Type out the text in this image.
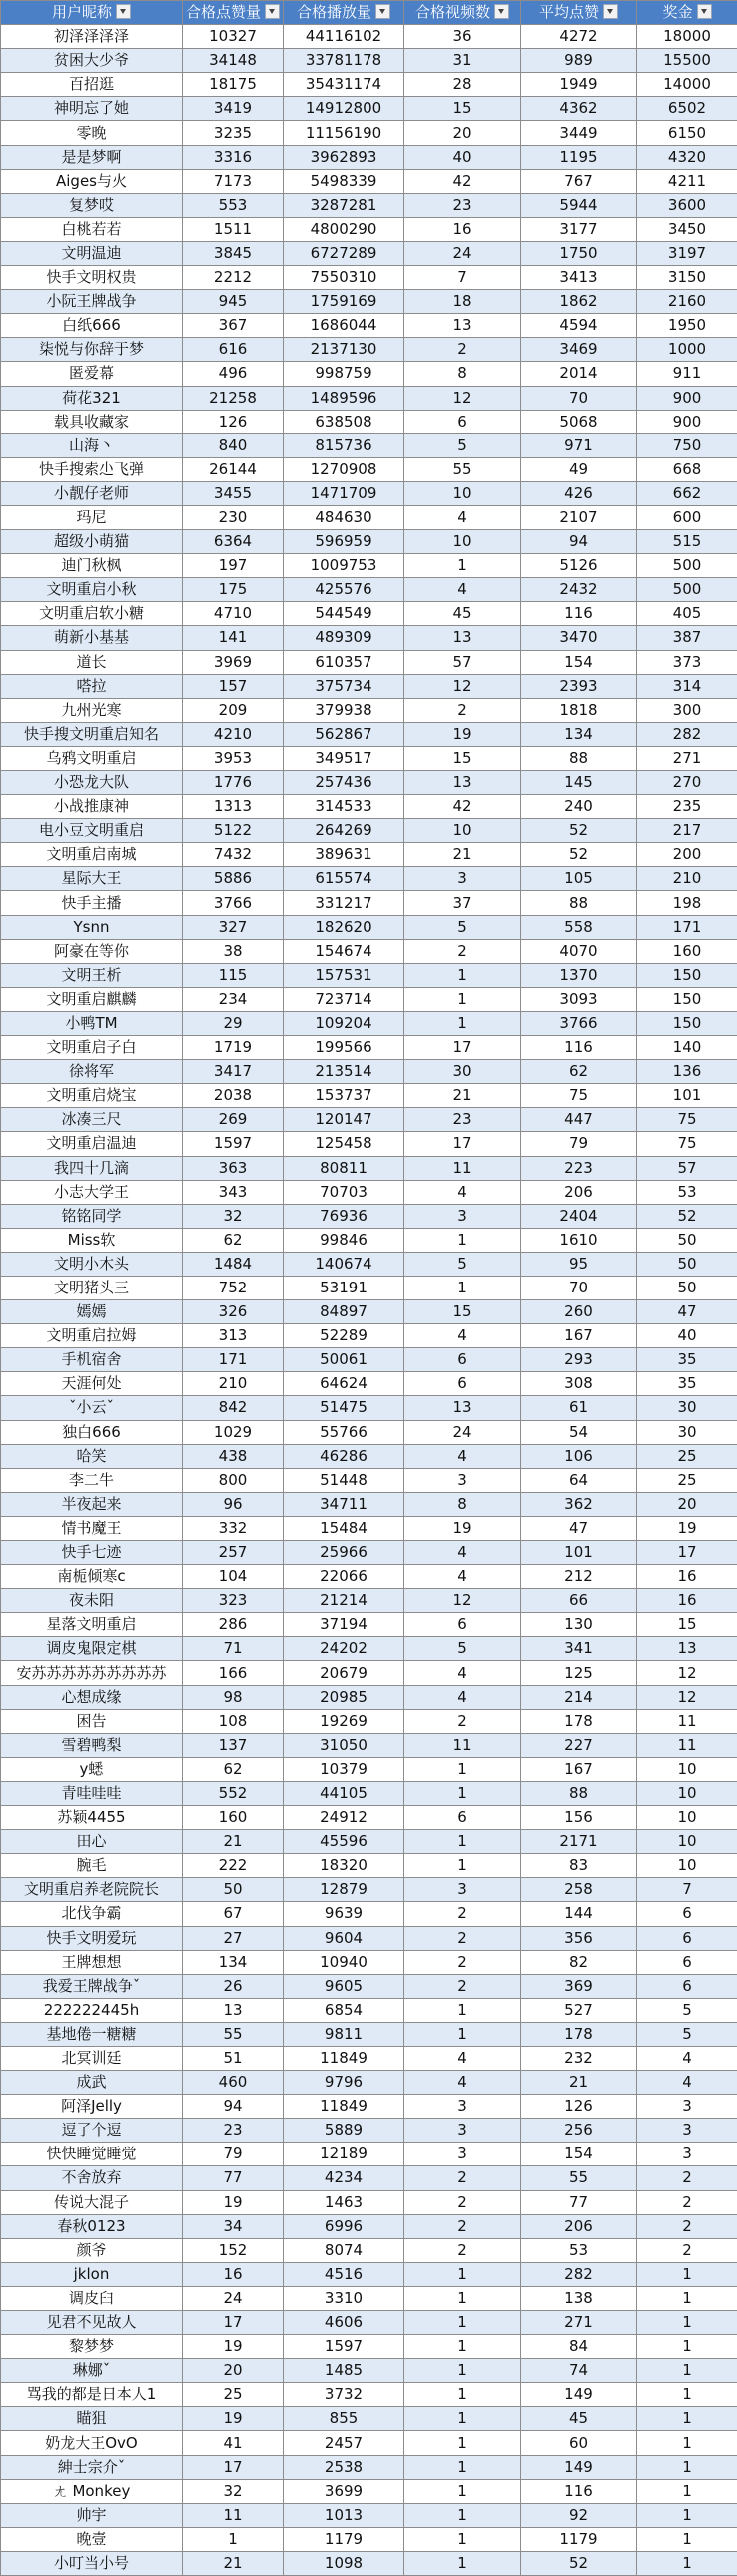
用户昵称	合格点赞量	合格播放量	合格视频数	平均点赞	奖金
初泽泽泽泽	10327	44116102	36	4272	18000
贫困大少爷	34148	33781178	31	989	15500
百招逛	18175	35431174	28	1949	14000
神明忘了她	3419	14912800	15	4362	6502
零晚	3235	11156190	20	3449	6150
是是梦啊	3316	3962893	40	1195	4320
Aiges与火	7173	5498339	42	767	4211
复梦哎	553	3287281	23	5944	3600
白桃若若	1511	4800290	16	3177	3450
文明温迪	3845	6727289	24	1750	3197
快手文明权贵	2212	7550310	7	3413	3150
小阮王牌战争	945	1759169	18	1862	2160
白纸666	367	1686044	13	4594	1950
柒悦与你辞于梦	616	2137130	2	3469	1000
匿爱幕	496	998759	8	2014	911
荷花321	21258	1489596	12	70	900
载具收藏家	126	638508	6	5068	900
山海丶	840	815736	5	971	750
快手搜索尐飞弹	26144	1270908	55	49	668
小靓仔老师	3455	1471709	10	426	662
玛尼	230	484630	4	2107	600
超级小萌猫	6364	596959	10	94	515
迪门秋枫	197	1009753	1	5126	500
文明重启小秋	175	425576	4	2432	500
文明重启软小糖	4710	544549	45	116	405
萌新小基基	141	489309	13	3470	387
道长	3969	610357	57	154	373
嗒拉	157	375734	12	2393	314
九州光寒	209	379938	2	1818	300
快手搜文明重启知名	4210	562867	19	134	282
乌鸦文明重启	3953	349517	15	88	271
小恐龙大队	1776	257436	13	145	270
小战推康神	1313	314533	42	240	235
电小豆文明重启	5122	264269	10	52	217
文明重启南城	7432	389631	21	52	200
星际大王	5886	615574	3	105	210
快手主播	3766	331217	37	88	198
Ysnn	327	182620	5	558	171
阿豪在等你	38	154674	2	4070	160
文明王析	115	157531	1	1370	150
文明重启麒麟	234	723714	1	3093	150
小鸭TM	29	109204	1	3766	150
文明重启子白	1719	199566	17	116	140
徐将军	3417	213514	30	62	136
文明重启烧宝	2038	153737	21	75	101
冰凑三尺	269	120147	23	447	75
文明重启温迪	1597	125458	17	79	75
我四十几滴	363	80811	11	223	57
小志大学王	343	70703	4	206	53
铭铭同学	32	76936	3	2404	52
Miss软	62	99846	1	1610	50
文明小木头	1484	140674	5	95	50
文明猪头三	752	53191	1	70	50
嫣嫣	326	84897	15	260	47
文明重启拉姆	313	52289	4	167	40
手机宿舍	171	50061	6	293	35
天涯何处	210	64624	6	308	35
ˇ小云ˇ	842	51475	13	61	30
独白666	1029	55766	24	54	30
哈笑	438	46286	4	106	25
李二牛	800	51448	3	64	25
半夜起来	96	34711	8	362	20
情书魔王	332	15484	19	47	19
快手七迹	257	25966	4	101	17
南栀倾寒c	104	22066	4	212	16
夜未阳	323	21214	12	66	16
星落文明重启	286	37194	6	130	15
调皮鬼限定棋	71	24202	5	341	13
安苏苏苏苏苏苏苏苏苏	166	20679	4	125	12
心想成缘	98	20985	4	214	12
困告	108	19269	2	178	11
雪碧鸭梨	137	31050	11	227	11
y蟋	62	10379	1	167	10
青哇哇哇	552	44105	1	88	10
苏颖4455	160	24912	6	156	10
田心	21	45596	1	2171	10
腕毛	222	18320	1	83	10
文明重启养老院院长	50	12879	3	258	7
北伐争霸	67	9639	2	144	6
快手文明爱玩	27	9604	2	356	6
王牌想想	134	10940	2	82	6
我爱王牌战争ˇ	26	9605	2	369	6
222222445h	13	6854	1	527	5
基地倦一糖糖	55	9811	1	178	5
北冥训廷	51	11849	4	232	4
成武	460	9796	4	21	4
阿泽Jelly	94	11849	3	126	3
逗了个逗	23	5889	3	256	3
快快睡觉睡觉	79	12189	3	154	3
不舍放弃	77	4234	2	55	2
传说大混子	19	1463	2	77	2
春秋0123	34	6996	2	206	2
颜爷	152	8074	2	53	2
jklon	16	4516	1	282	1
调皮臼	24	3310	1	138	1
见君不见故人	17	4606	1	271	1
黎梦梦	19	1597	1	84	1
琳娜ˇ	20	1485	1	74	1
骂我的都是日本人1	25	3732	1	149	1
瞄狙	19	855	1	45	1
奶龙大王OvO	41	2457	1	60	1
紳士宗介ˇ	17	2538	1	149	1
ㄤ Monkey	32	3699	1	116	1
帅宇	11	1013	1	92	1
晚壹	1	1179	1	1179	1
小叮当小号	21	1098	1	52	1
